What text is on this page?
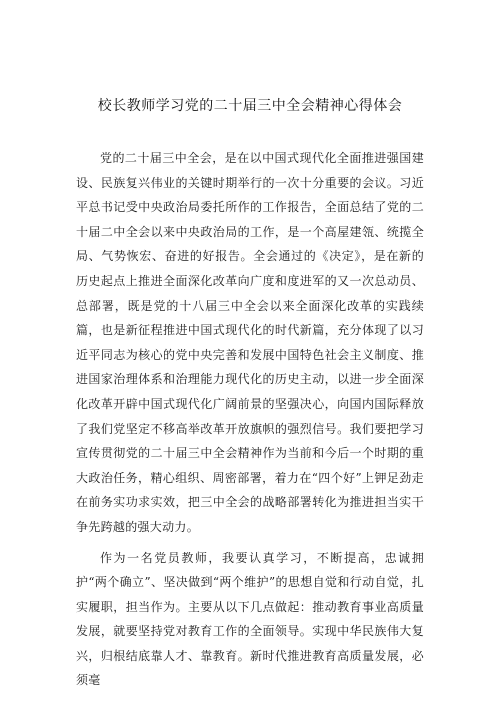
校长教师学习党的二十届三中全会精神心得体会

党的二十届三中全会，是在以中国式现代化全面推进强国建设、民族复兴伟业的关键时期举行的一次十分重要的会议。习近平总书记受中央政治局委托所作的工作报告，全面总结了党的二十届二中全会以来中央政治局的工作，是一个高屋建瓴、统揽全局、气势恢宏、奋进的好报告。全会通过的《决定》，是在新的历史起点上推进全面深化改革向广度和度进军的又一次总动员、总部署，既是党的十八届三中全会以来全面深化改革的实践续篇，也是新征程推进中国式现代化的时代新篇，充分体现了以习近平同志为核心的党中央完善和发展中国特色社会主义制度、推进国家治理体系和治理能力现代化的历史主动，以进一步全面深化改革开辟中国式现代化广阔前景的坚强决心，向国内国际释放了我们党坚定不移高举改革开放旗帜的强烈信号。我们要把学习宣传贯彻党的二十届三中全会精神作为当前和今后一个时期的重大政治任务，精心组织、周密部署，着力在“四个好”上钾足劲走在前务实功求实效，把三中全会的战略部署转化为推进担当实干争先跨越的强大动力。

作为一名党员教师，我要认真学习，不断提高，忠诚拥护“两个确立”、坚决做到“两个维护”的思想自觉和行动自觉，扎实履职，担当作为。主要从以下几点做起：推动教育事业高质量发展，就要坚持党对教育工作的全面领导。实现中华民族伟大复兴，归根结底靠人才、靠教育。新时代推进教育高质量发展，必须毫
